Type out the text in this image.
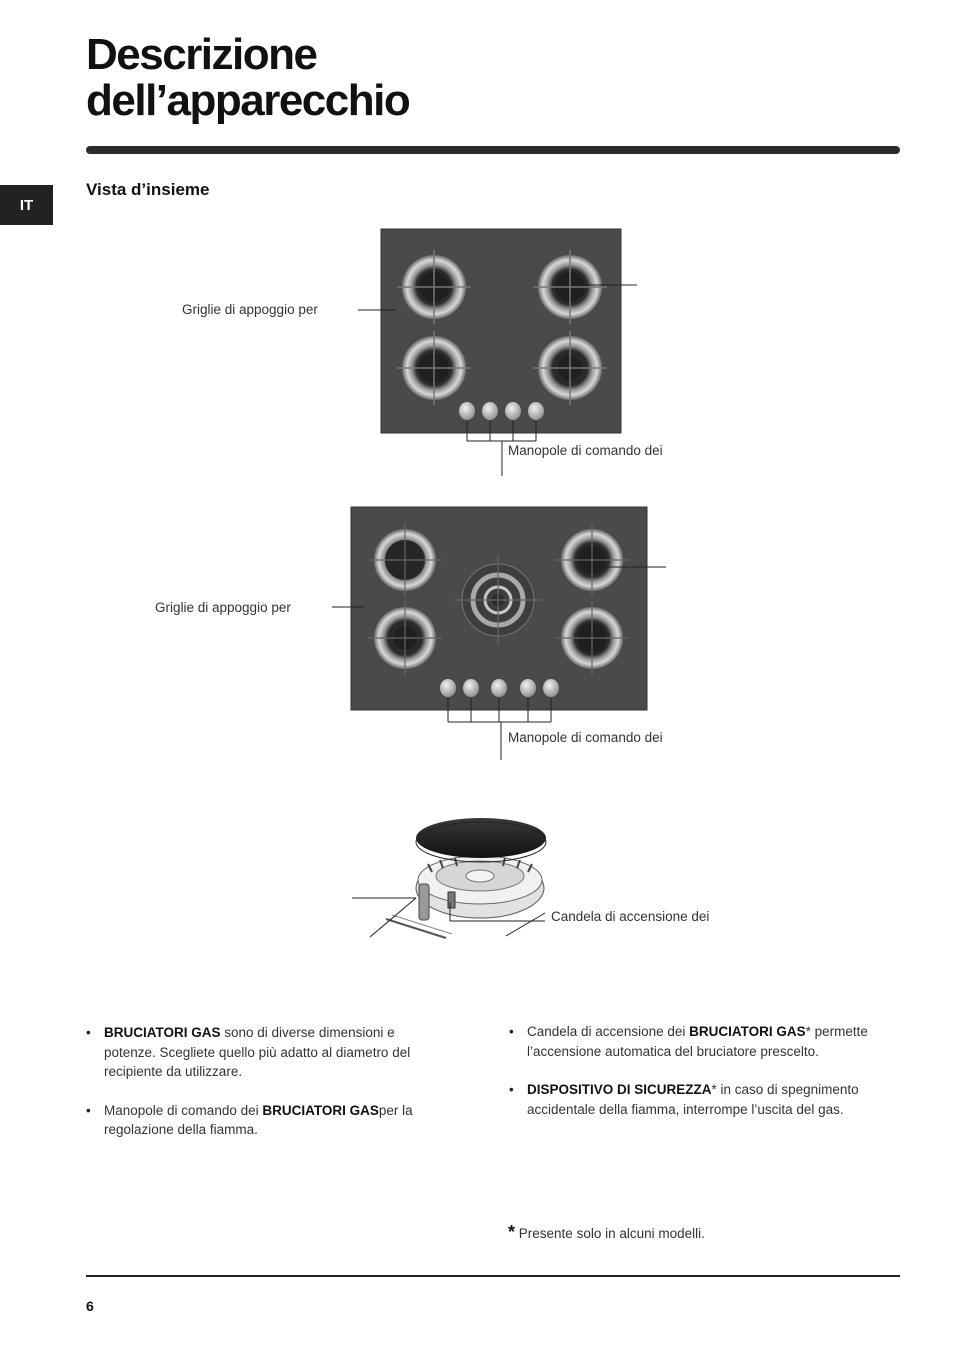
Descrizione
dell’apparecchio
IT
Vista d’insieme
Griglie di appoggio per
Manopole di comando dei
Griglie di appoggio per
Manopole di comando dei
Candela di accensione dei

• BRUCIATORI GAS sono di diverse dimensioni e potenze. Scegliete quello più adatto al diametro del recipiente da utilizzare.

• Manopole di comando dei BRUCIATORI GASper la regolazione della fiamma.

• Candela di accensione dei BRUCIATORI GAS* permette l’accensione automatica del bruciatore prescelto.

• DISPOSITIVO DI SICUREZZA* in caso di spegnimento accidentale della fiamma, interrompe l’uscita del gas.

* Presente solo in alcuni modelli.
6
